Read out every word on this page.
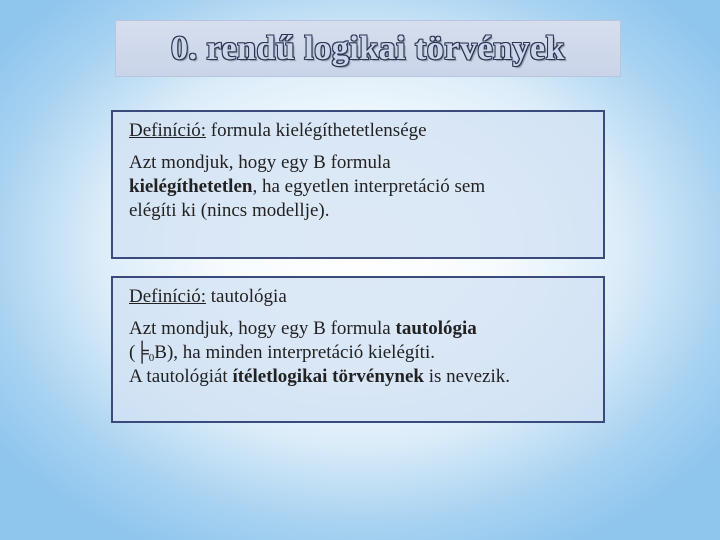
0. rendű logikai törvények

Definíció: formula kielégíthetetlensége

Azt mondjuk, hogy egy B formula
kielégíthetetlen, ha egyetlen interpretáció sem
elégíti ki (nincs modellje).

Definíció: tautológia

Azt mondjuk, hogy egy B formula tautológia
$(╞_0B)$, ha minden interpretáció kielégíti.
A tautológiát ítéletlogikai törvénynek is nevezik.
